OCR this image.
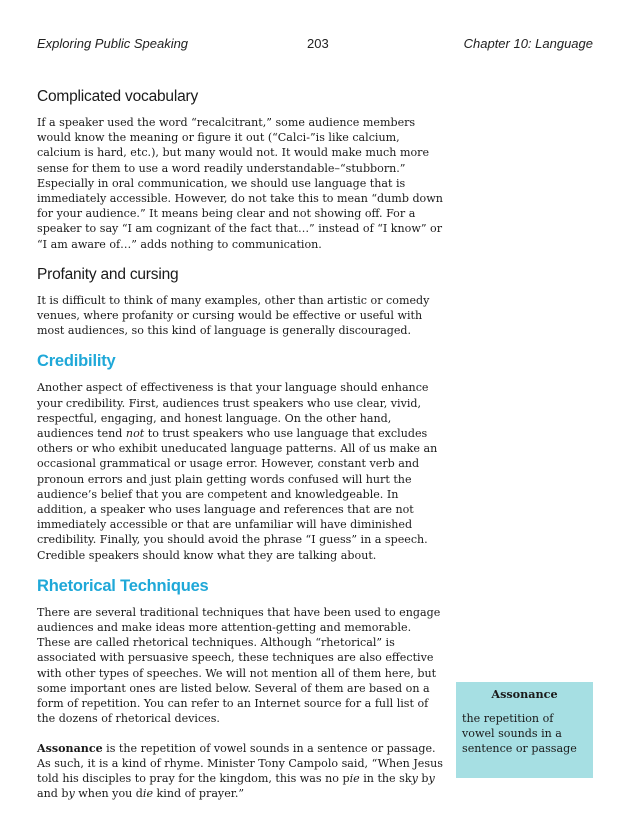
Exploring Public Speaking	203	Chapter 10: Language
Complicated vocabulary

If a speaker used the word “recalcitrant,” some audience members would know the meaning or figure it out (“Calci-”is like calcium, calcium is hard, etc.), but many would not. It would make much more sense for them to use a word readily understandable–“stubborn.” Especially in oral communication, we should use language that is immediately accessible. However, do not take this to mean “dumb down for your audience.” It means being clear and not showing off. For a speaker to say “I am cognizant of the fact that…” instead of “I know” or “I am aware of…” adds nothing to communication.

Profanity and cursing

It is difficult to think of many examples, other than artistic or comedy venues, where profanity or cursing would be effective or useful with most audiences, so this kind of language is generally discouraged.

Credibility

Another aspect of effectiveness is that your language should enhance your credibility. First, audiences trust speakers who use clear, vivid, respectful, engaging, and honest language. On the other hand, audiences tend not to trust speakers who use language that excludes others or who exhibit uneducated language patterns. All of us make an occasional grammatical or usage error. However, constant verb and pronoun errors and just plain getting words confused will hurt the audience’s belief that you are competent and knowledgeable. In addition, a speaker who uses language and references that are not immediately accessible or that are unfamiliar will have diminished credibility. Finally, you should avoid the phrase “I guess” in a speech. Credible speakers should know what they are talking about.

Rhetorical Techniques

There are several traditional techniques that have been used to engage audiences and make ideas more attention-getting and memorable. These are called rhetorical techniques. Although “rhetorical” is associated with persuasive speech, these techniques are also effective with other types of speeches. We will not mention all of them here, but some important ones are listed below. Several of them are based on a form of repetition. You can refer to an Internet source for a full list of the dozens of rhetorical devices.

Assonance is the repetition of vowel sounds in a sentence or passage. As such, it is a kind of rhyme. Minister Tony Campolo said, “When Jesus told his disciples to pray for the kingdom, this was no pie in the sky by and by when you die kind of prayer.”

Assonance
the repetition of vowel sounds in a sentence or passage
